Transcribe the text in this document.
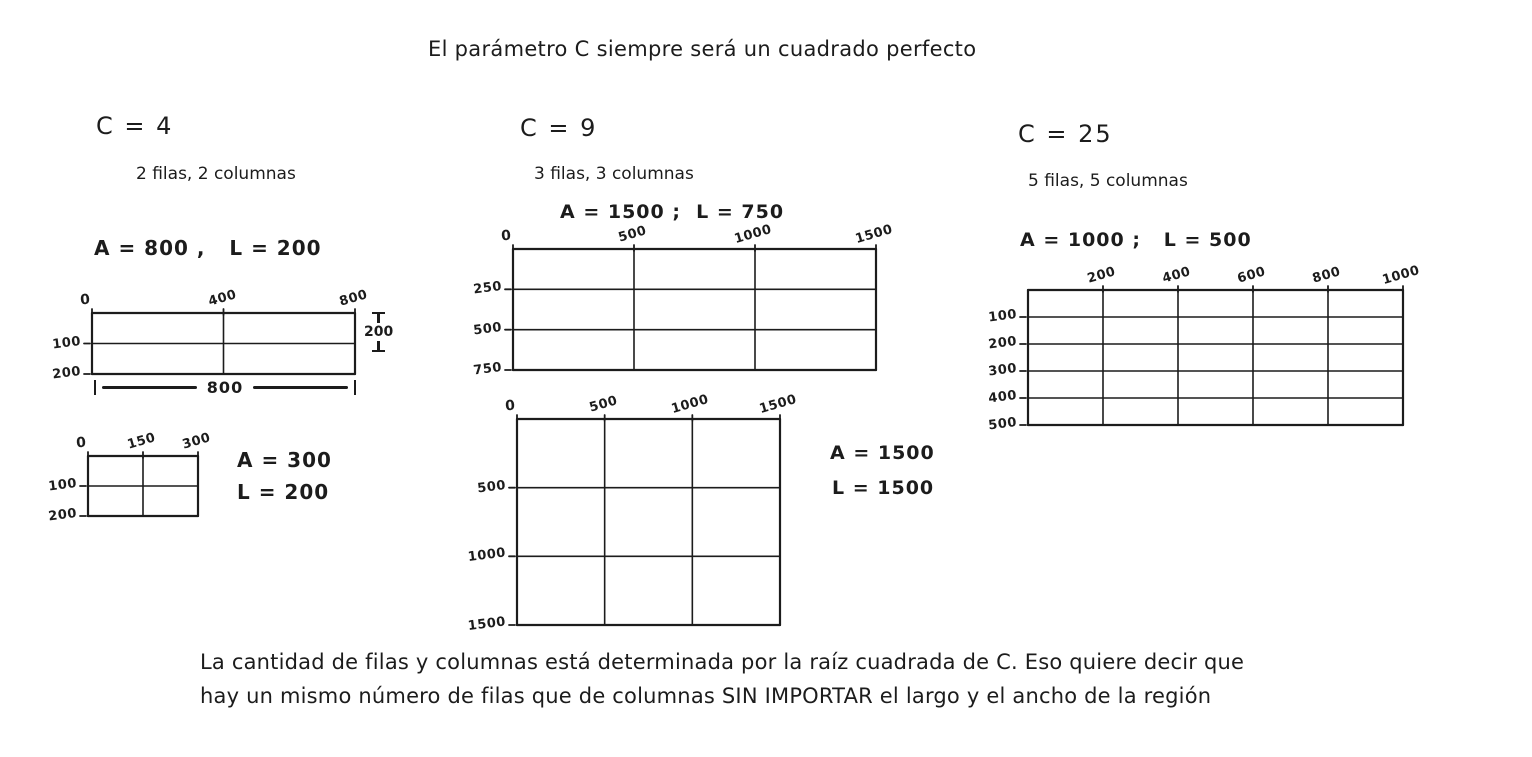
El parámetro C siempre será un cuadrado perfecto
C = 4
2 filas, 2 columnas
A = 800 ,   L = 200
0	400	800
100
200
200
800
0	150 300
100
200
A = 300
L = 200
C = 9
3 filas, 3 columnas
A = 1500 ;  L = 750
0	500	1000	1500
250
500
750
0	500	1000	1500
500
1000
1500
A = 1500
L = 1500
C = 25
5 filas, 5 columnas
A = 1000 ;   L = 500
200	400	600	800	1000
100
200
300
400
500
La cantidad de filas y columnas está determinada por la raíz cuadrada de C. Eso quiere decir que
hay un mismo número de filas que de columnas SIN IMPORTAR el largo y el ancho de la región
